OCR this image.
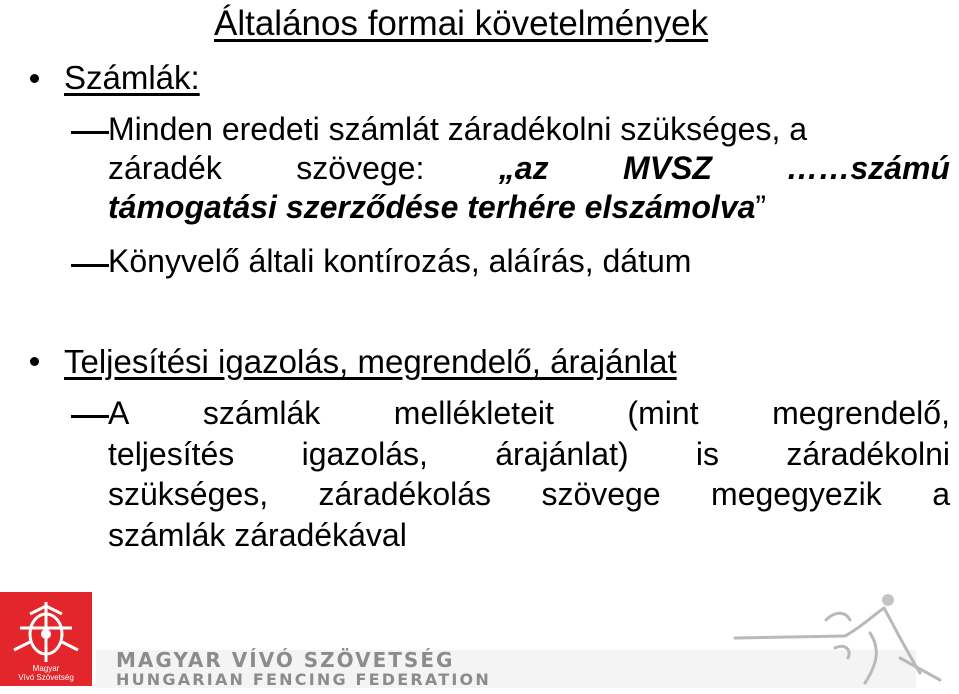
Általános formai követelmények
Számlák:
Minden eredeti számlát záradékolni szükséges, a
záradék szövege: „az MVSZ ……számú
támogatási szerződése terhére elszámolva”
Könyvelő általi kontírozás, aláírás, dátum
Teljesítési igazolás, megrendelő, árajánlat
A számlák mellékleteit (mint megrendelő,
teljesítés igazolás, árajánlat) is záradékolni
szükséges, záradékolás szövege megegyezik a
számlák záradékával
Magyar
Vívó Szövetség
MAGYAR VÍVÓ SZÖVETSÉG
HUNGARIAN FENCING FEDERATION
